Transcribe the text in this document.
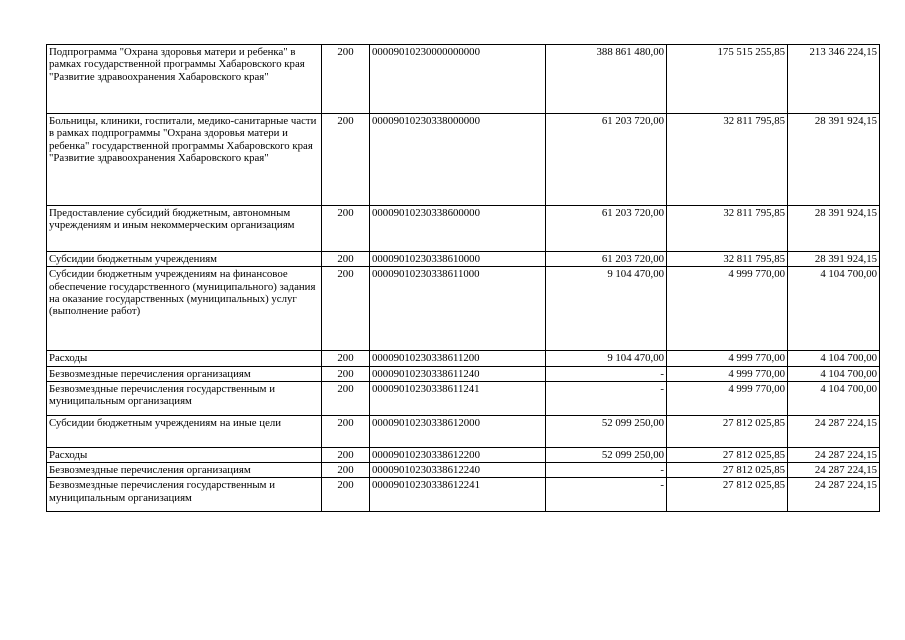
Подпрограмма "Охрана здоровья матери и ребенка" в рамках государственной программы Хабаровского края "Развитие здравоохранения Хабаровского края"	200	00009010230000000000	388 861 480,00	175 515 255,85	213 346 224,15
Больницы, клиники, госпитали, медико-санитарные части в рамках подпрограммы "Охрана здоровья матери и ребенка" государственной программы Хабаровского края "Развитие здравоохранения Хабаровского края"	200	00009010230338000000	61 203 720,00	32 811 795,85	28 391 924,15
Предоставление субсидий бюджетным, автономным учреждениям и иным некоммерческим организациям	200	00009010230338600000	61 203 720,00	32 811 795,85	28 391 924,15
Субсидии бюджетным учреждениям	200	00009010230338610000	61 203 720,00	32 811 795,85	28 391 924,15
Субсидии бюджетным учреждениям на финансовое обеспечение государственного (муниципального) задания на оказание государственных (муниципальных) услуг (выполнение работ)	200	00009010230338611000	9 104 470,00	4 999 770,00	4 104 700,00
Расходы	200	00009010230338611200	9 104 470,00	4 999 770,00	4 104 700,00
Безвозмездные перечисления организациям	200	00009010230338611240	-	4 999 770,00	4 104 700,00
Безвозмездные перечисления государственным и муниципальным организациям	200	00009010230338611241	-	4 999 770,00	4 104 700,00
Субсидии бюджетным учреждениям на иные цели	200	00009010230338612000	52 099 250,00	27 812 025,85	24 287 224,15
Расходы	200	00009010230338612200	52 099 250,00	27 812 025,85	24 287 224,15
Безвозмездные перечисления организациям	200	00009010230338612240	-	27 812 025,85	24 287 224,15
Безвозмездные перечисления государственным и муниципальным организациям	200	00009010230338612241	-	27 812 025,85	24 287 224,15
